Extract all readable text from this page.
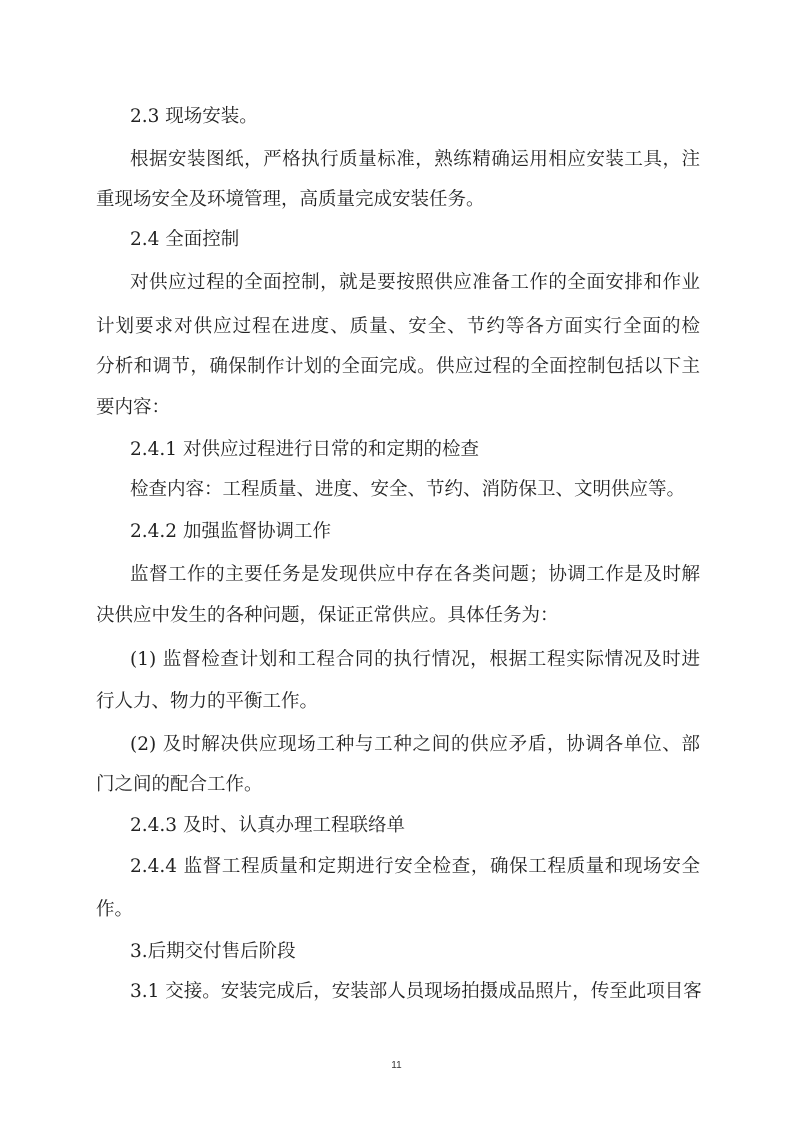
2.3 现场安装。
根据安装图纸，严格执行质量标准，熟练精确运用相应安装工具，注
重现场安全及环境管理，高质量完成安装任务。
2.4 全面控制
对供应过程的全面控制，就是要按照供应准备工作的全面安排和作业
计划要求对供应过程在进度、质量、安全、节约等各方面实行全面的检
分析和调节，确保制作计划的全面完成。供应过程的全面控制包括以下主
要内容：
2.4.1 对供应过程进行日常的和定期的检查
检查内容：工程质量、进度、安全、节约、消防保卫、文明供应等。
2.4.2 加强监督协调工作
监督工作的主要任务是发现供应中存在各类问题；协调工作是及时解
决供应中发生的各种问题，保证正常供应。具体任务为：
(1) 监督检查计划和工程合同的执行情况，根据工程实际情况及时进
行人力、物力的平衡工作。
(2) 及时解决供应现场工种与工种之间的供应矛盾，协调各单位、部
门之间的配合工作。
2.4.3 及时、认真办理工程联络单
2.4.4 监督工程质量和定期进行安全检查，确保工程质量和现场安全
作。
3.后期交付售后阶段
3.1 交接。安装完成后，安装部人员现场拍摄成品照片，传至此项目客
11
